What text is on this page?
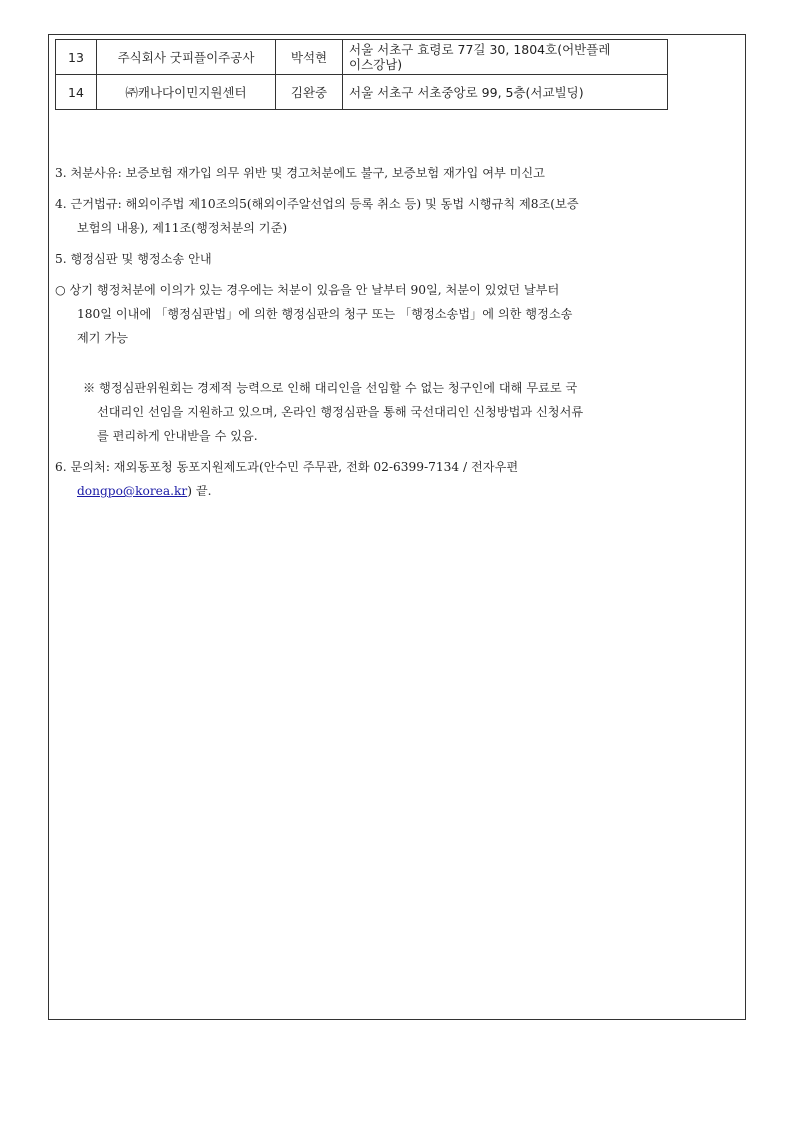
13	주식회사 굿피플이주공사	박석현	서울 서초구 효령로 77길 30, 1804호(어반플레
이스강남)
14	㈜캐나다이민지원센터	김완중	서울 서초구 서초중앙로 99, 5층(서교빌딩)
3. 처분사유: 보증보험 재가입 의무 위반 및 경고처분에도 불구, 보증보험 재가입 여부 미신고
4. 근거법규: 해외이주법 제10조의5(해외이주알선업의 등록 취소 등) 및 동법 시행규칙 제8조(보증
보험의 내용), 제11조(행정처분의 기준)
5. 행정심판 및 행정소송 안내
○ 상기 행정처분에 이의가 있는 경우에는 처분이 있음을 안 날부터 90일, 처분이 있었던 날부터
180일 이내에 「행정심판법」에 의한 행정심판의 청구 또는 「행정소송법」에 의한 행정소송
제기 가능
※ 행정심판위원회는 경제적 능력으로 인해 대리인을 선임할 수 없는 청구인에 대해 무료로 국
선대리인 선임을 지원하고 있으며, 온라인 행정심판을 통해 국선대리인 신청방법과 신청서류
를 편리하게 안내받을 수 있음.
6. 문의처: 재외동포청 동포지원제도과(안수민 주무관, 전화 02-6399-7134 / 전자우편
dongpo@korea.kr) 끝.
